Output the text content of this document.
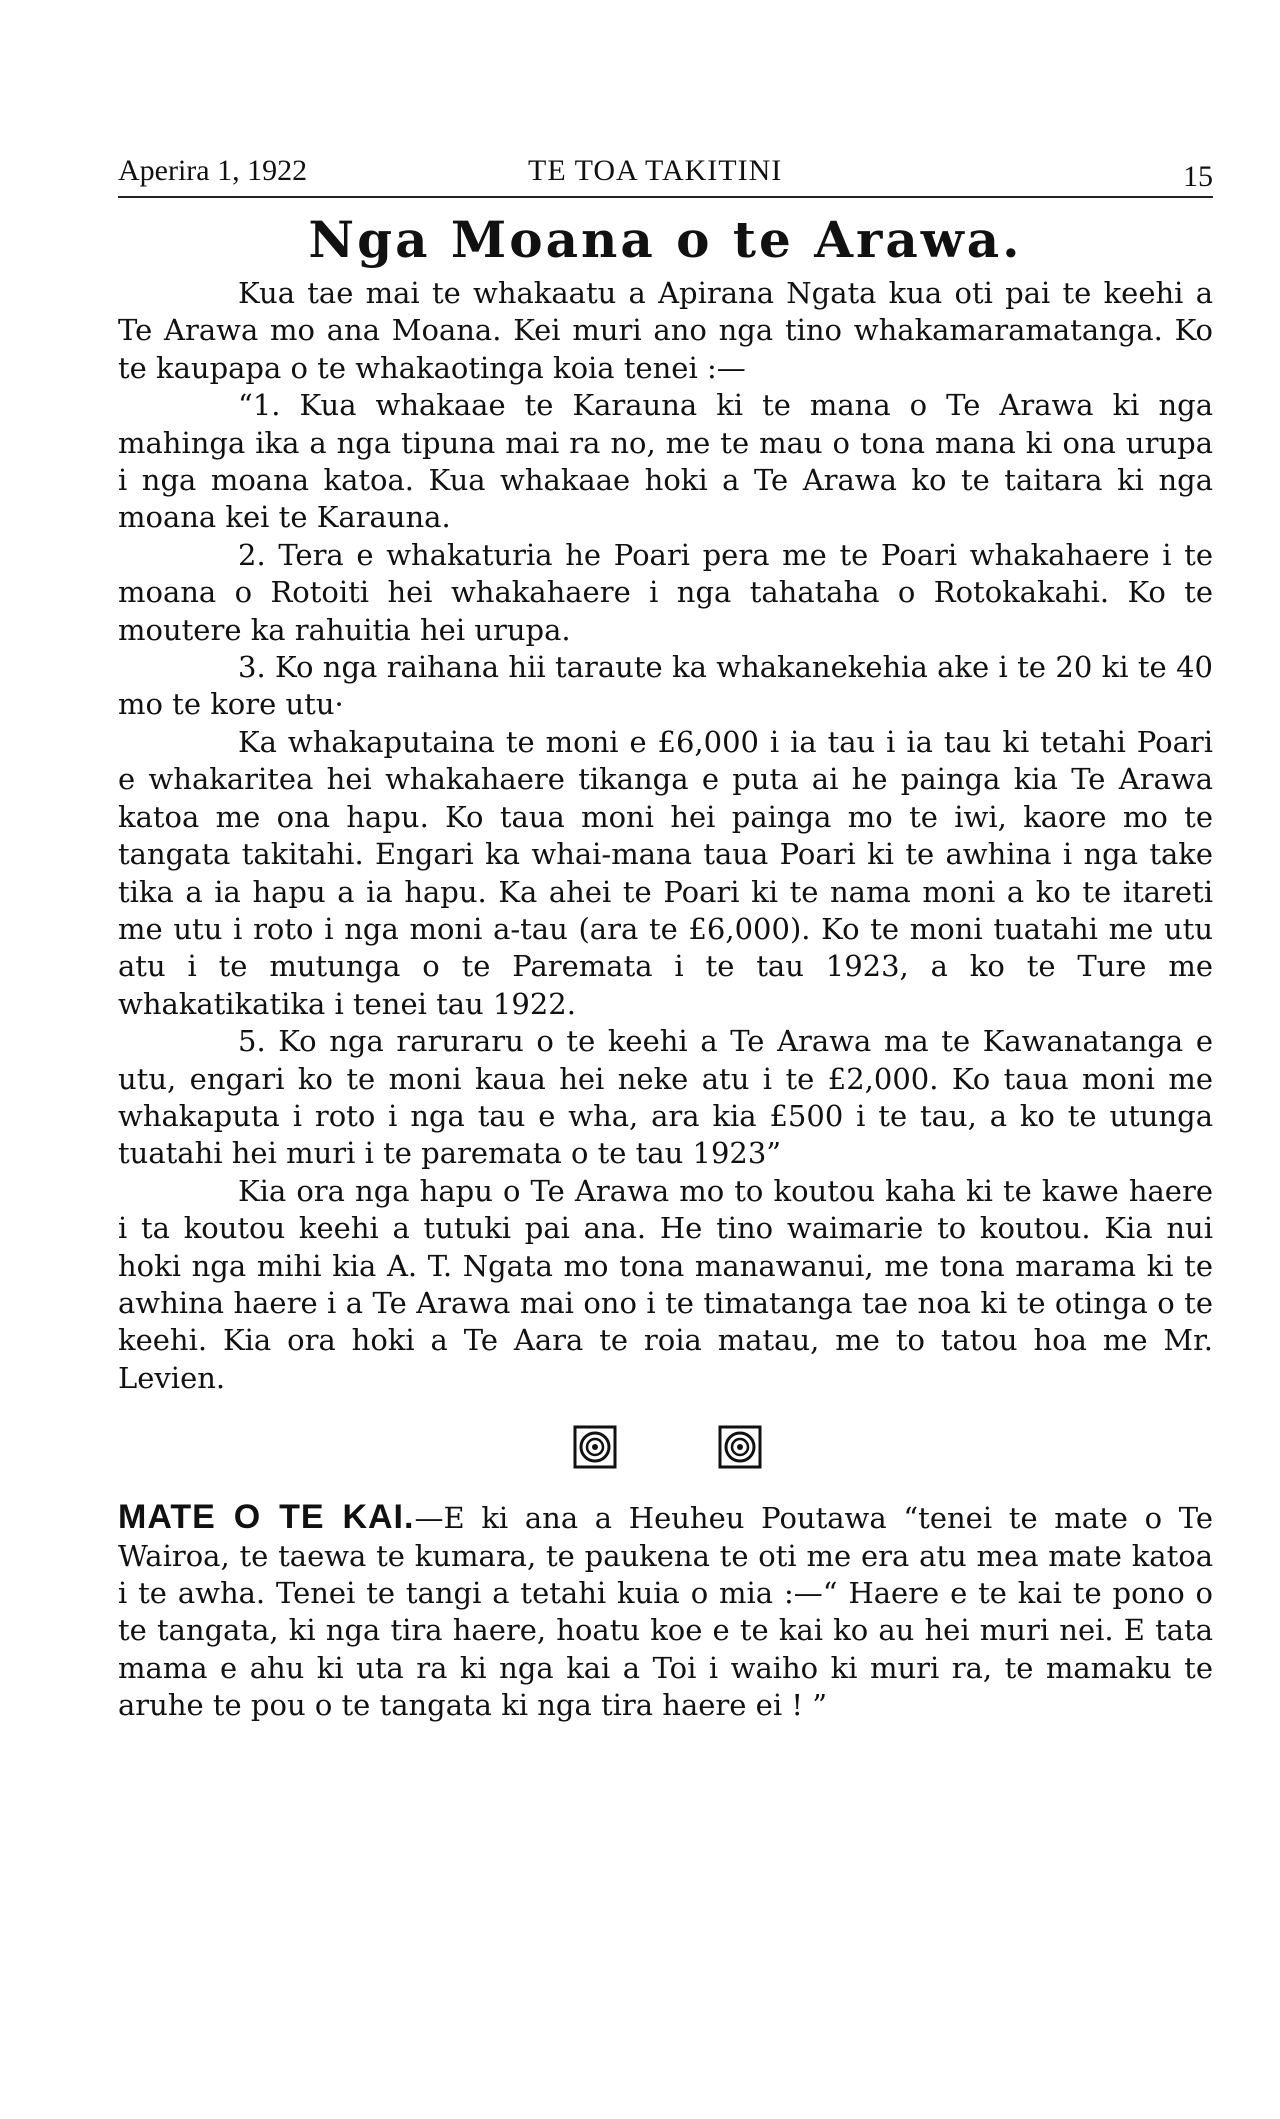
Aperira 1, 1922	TE TOA TAKITINI	15
Nga Moana o te Arawa.

Kua tae mai te whakaatu a Apirana Ngata kua oti pai te keehi a Te Arawa mo ana Moana. Kei muri ano nga tino whakamaramatanga. Ko te kaupapa o te whakaotinga koia tenei :—

“1. Kua whakaae te Karauna ki te mana o Te Arawa ki nga mahinga ika a nga tipuna mai ra no, me te mau o tona mana ki ona urupa i nga moana katoa. Kua whakaae hoki a Te Arawa ko te taitara ki nga moana kei te Karauna.

2. Tera e whakaturia he Poari pera me te Poari whakahaere i te moana o Rotoiti hei whakahaere i nga tahataha o Rotokakahi. Ko te moutere ka rahuitia hei urupa.

3. Ko nga raihana hii taraute ka whakanekehia ake i te 20 ki te 40 mo te kore utu·

Ka whakaputaina te moni e £6,000 i ia tau i ia tau ki tetahi Poari e whakaritea hei whakahaere tikanga e puta ai he painga kia Te Arawa katoa me ona hapu. Ko taua moni hei painga mo te iwi, kaore mo te tangata takitahi. Engari ka whai-mana taua Poari ki te awhina i nga take tika a ia hapu a ia hapu. Ka ahei te Poari ki te nama moni a ko te itareti me utu i roto i nga moni a-tau (ara te £6,000). Ko te moni tuatahi me utu atu i te mutunga o te Paremata i te tau 1923, a ko te Ture me whakatikatika i tenei tau 1922.

5. Ko nga raruraru o te keehi a Te Arawa ma te Kawanatanga e utu, engari ko te moni kaua hei neke atu i te £2,000. Ko taua moni me whakaputa i roto i nga tau e wha, ara kia £500 i te tau, a ko te utunga tuatahi hei muri i te paremata o te tau 1923”

Kia ora nga hapu o Te Arawa mo to koutou kaha ki te kawe haere i ta koutou keehi a tutuki pai ana. He tino waimarie to koutou. Kia nui hoki nga mihi kia A. T. Ngata mo tona manawanui, me tona marama ki te awhina haere i a Te Arawa mai ono i te timatanga tae noa ki te otinga o te keehi. Kia ora hoki a Te Aara te roia matau, me to tatou hoa me Mr. Levien.

MATE O TE KAI.—E ki ana a Heuheu Poutawa “tenei te mate o Te Wairoa, te taewa te kumara, te paukena te oti me era atu mea mate katoa i te awha. Tenei te tangi a tetahi kuia o mia :—“ Haere e te kai te pono o te tangata, ki nga tira haere, hoatu koe e te kai ko au hei muri nei. E tata mama e ahu ki uta ra ki nga kai a Toi i waiho ki muri ra, te mamaku te aruhe te pou o te tangata ki nga tira haere ei ! ”
